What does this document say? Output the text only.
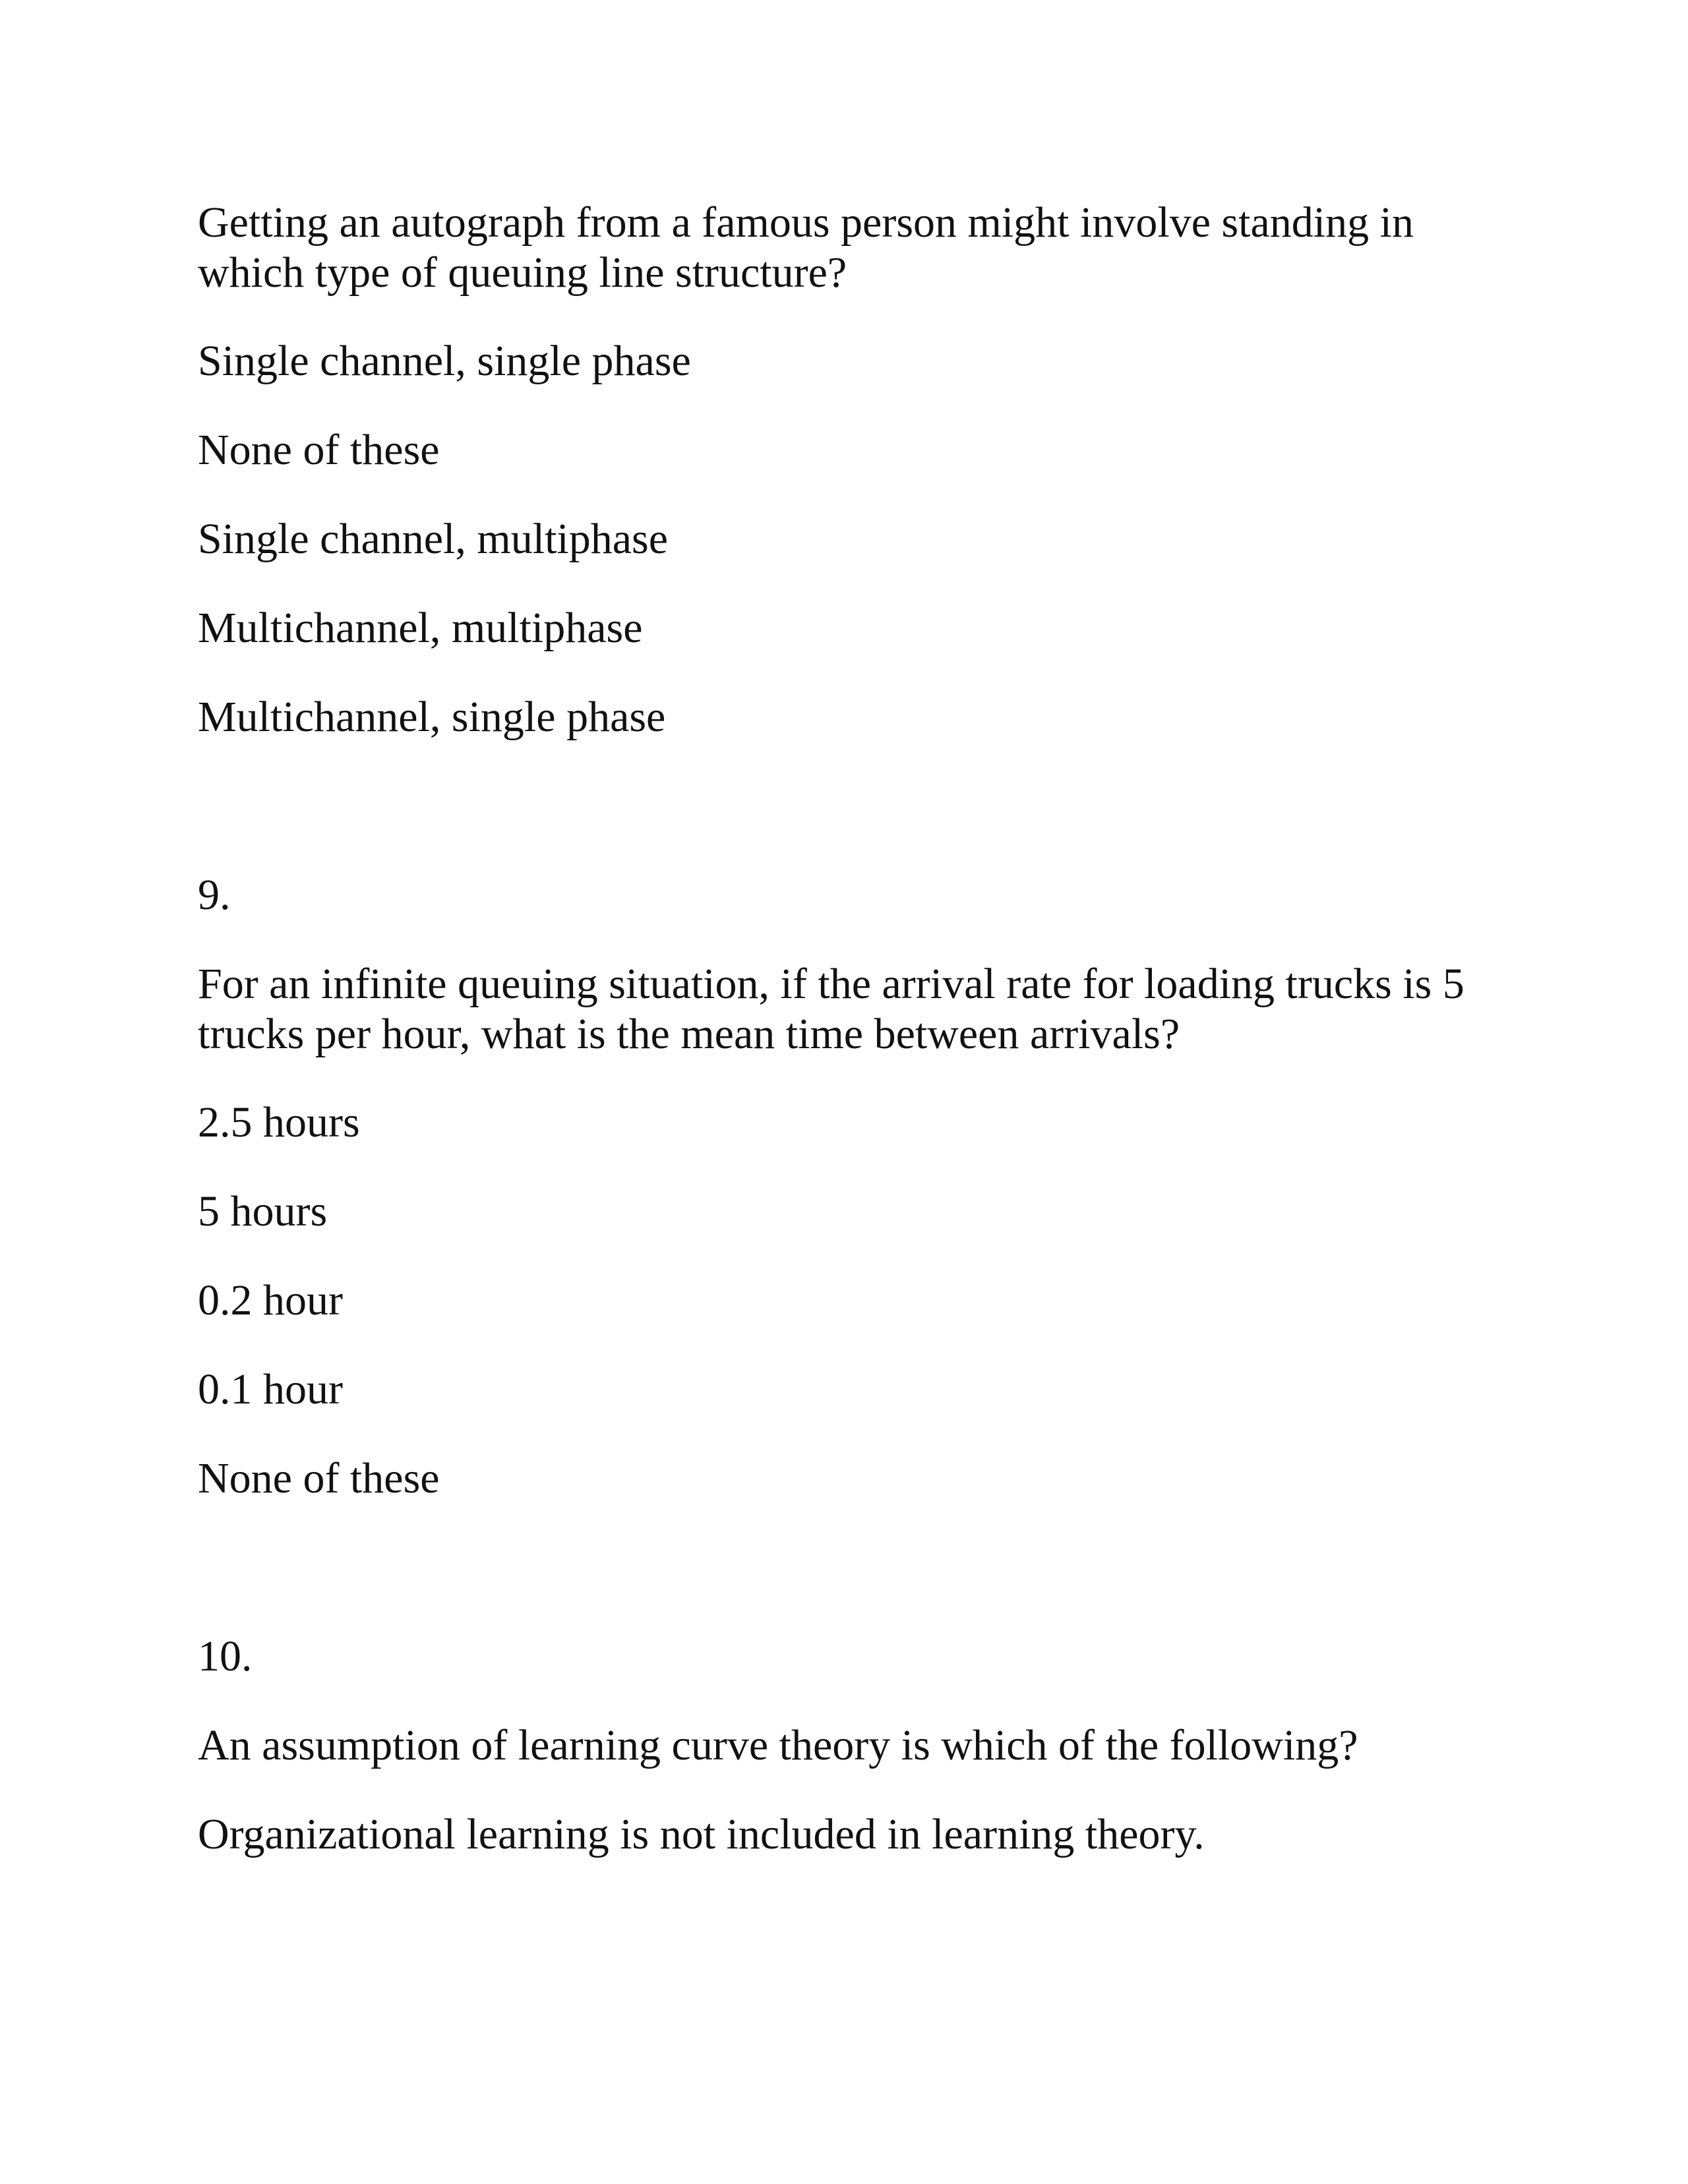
Getting an autograph from a famous person might involve standing in which type of queuing line structure?

Single channel, single phase

None of these

Single channel, multiphase

Multichannel, multiphase

Multichannel, single phase

9.

For an infinite queuing situation, if the arrival rate for loading trucks is 5 trucks per hour, what is the mean time between arrivals?

2.5 hours

5 hours

0.2 hour

0.1 hour

None of these

10.

An assumption of learning curve theory is which of the following?

Organizational learning is not included in learning theory.
